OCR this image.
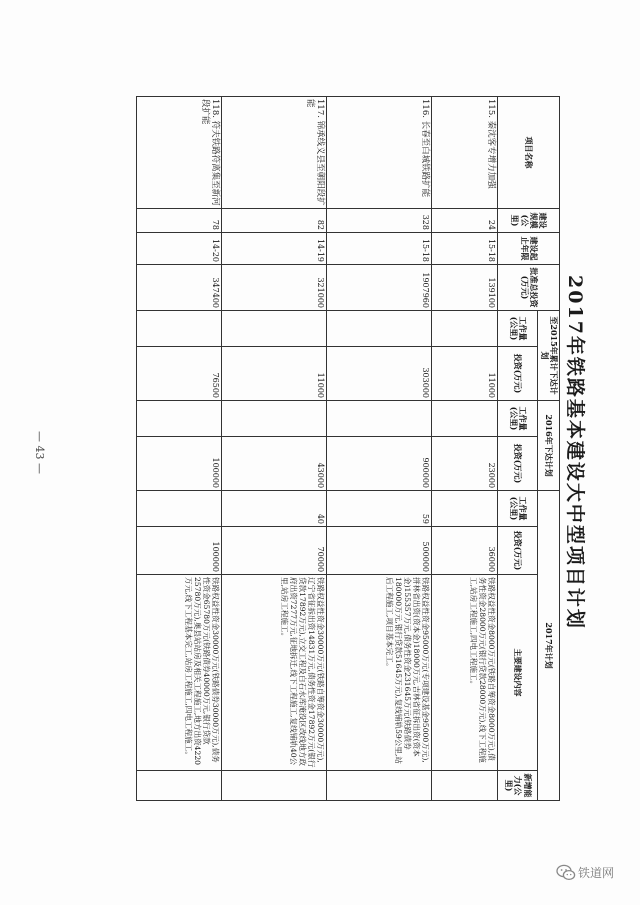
2017年铁路基本建设大中型项目计划
项目名称	建设规模(公里)	建设起止年限	批准总投资(万元)	至2015年累计下达计划		2016年下达计划		2017年计划			
				工作量(公里)	投资(万元)	工作量(公里)	投资(万元)	工作量(公里)	投资(万元)	主要建设内容	新增能力(公里)
115. 秦沈客专增力加强	24	15-18	139100		11000		23000		36000	铁路权益性资金8000万元(铁路自筹资金8000万元),债务性资金28000万元(银行贷款28000万元),线下工程施工,站房工程施工,四电工程施工。	
116. 长春至白城铁路扩能	328	15-18	1907960		303000		900000	59	500000	铁路权益性资金95000万元(专项建设基金95000万元),拼林省出资(资本金)18000万元,吉林省征拆出资(资本金)155357万元,债务性资金231645万元(铁路债券180000万元,银行贷款51645万元),复线铺轨59公里,站后工程施工,项目基本完工。	
117. 锦承线义县至朝阳段扩能	82	14-19	321000		11000		43000	40	70000	铁路权益性资金30000万元(铁路自筹资金30000万元),辽宁省征拆出资14831万元,债务性资金17892万元(银行贷款17892万元),立交工程及白石水库淹没区改线地方政府出资7277万元,征地拆迁,线下工程施工,复线铺轨40公里,站房工程施工。	
118. 符夫铁路符离集至新河段扩能	78	14-20	347400		76500		100000		100000	铁路权益性资金30000万元(铁路债券30000万元),债务性资金65780万元(铁路债券40000万元,银行贷款25780万元),奥县站站房及相关工程施工,地方出资4220万元,线下工程基本完工,站房工程施工,四电工程施工。	
— 43 —
铁道网
